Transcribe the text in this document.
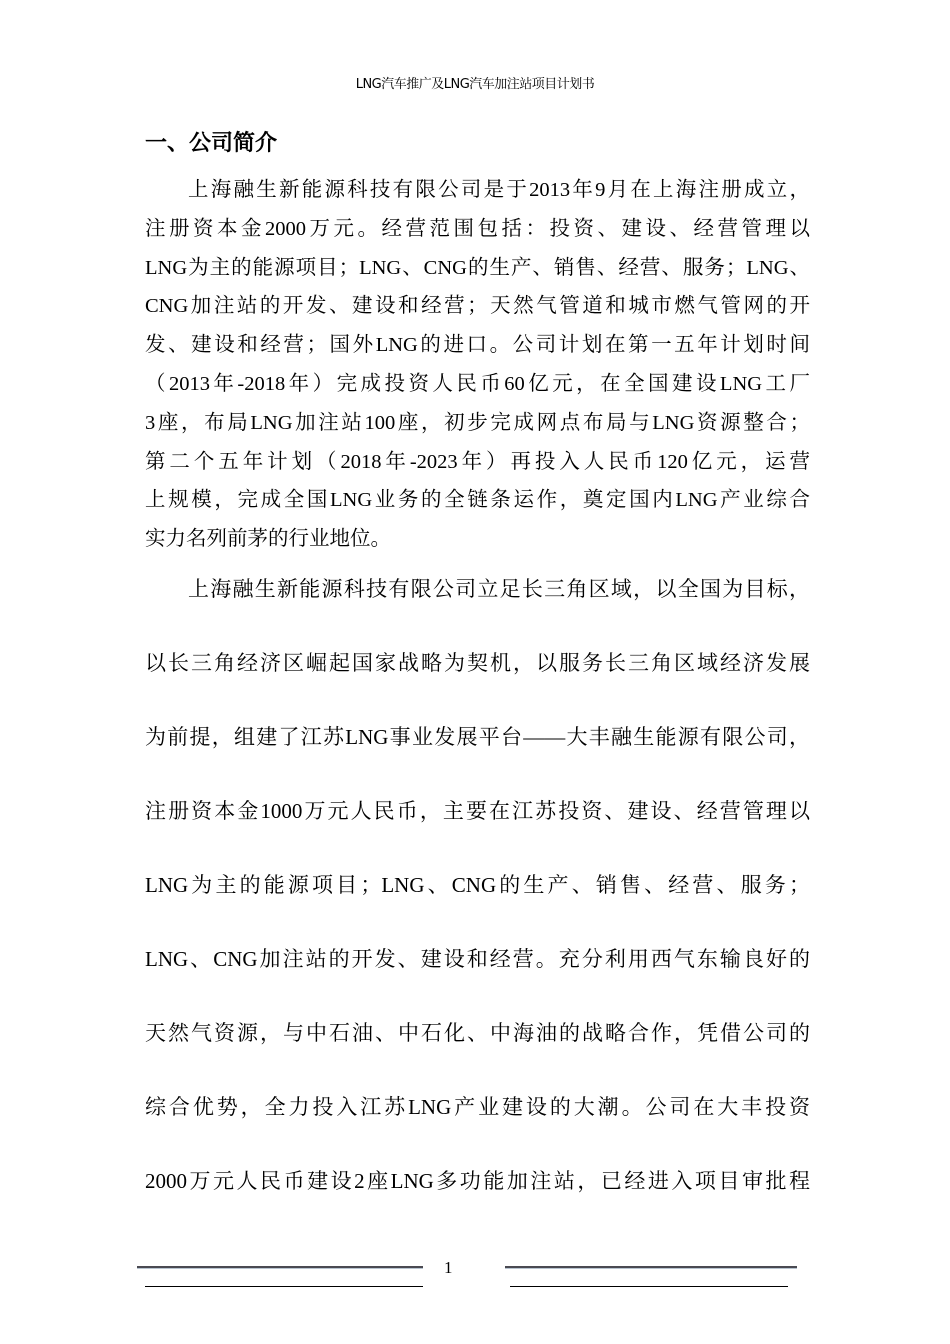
LNG汽车推广及LNG汽车加注站项目计划书
一、公司简介
上海融生新能源科技有限公司是于2013年9月在上海注册成立，
注册资本金2000万元。经营范围包括：投资、建设、经营管理以
LNG为主的能源项目；LNG、CNG的生产、销售、经营、服务；LNG、
CNG加注站的开发、建设和经营；天然气管道和城市燃气管网的开
发、建设和经营；国外LNG的进口。公司计划在第一五年计划时间
（2013年-2018年）完成投资人民币60亿元，在全国建设LNG工厂
3座，布局LNG加注站100座，初步完成网点布局与LNG资源整合；
第二个五年计划（2018年-2023年）再投入人民币120亿元，运营
上规模，完成全国LNG业务的全链条运作，奠定国内LNG产业综合
实力名列前茅的行业地位。
上海融生新能源科技有限公司立足长三角区域，以全国为目标，
以长三角经济区崛起国家战略为契机，以服务长三角区域经济发展
为前提，组建了江苏LNG事业发展平台——大丰融生能源有限公司，
注册资本金1000万元人民币，主要在江苏投资、建设、经营管理以
LNG为主的能源项目；LNG、CNG的生产、销售、经营、服务；
LNG、CNG加注站的开发、建设和经营。充分利用西气东输良好的
天然气资源，与中石油、中石化、中海油的战略合作，凭借公司的
综合优势，全力投入江苏LNG产业建设的大潮。公司在大丰投资
2000万元人民币建设2座LNG多功能加注站，已经进入项目审批程
1
